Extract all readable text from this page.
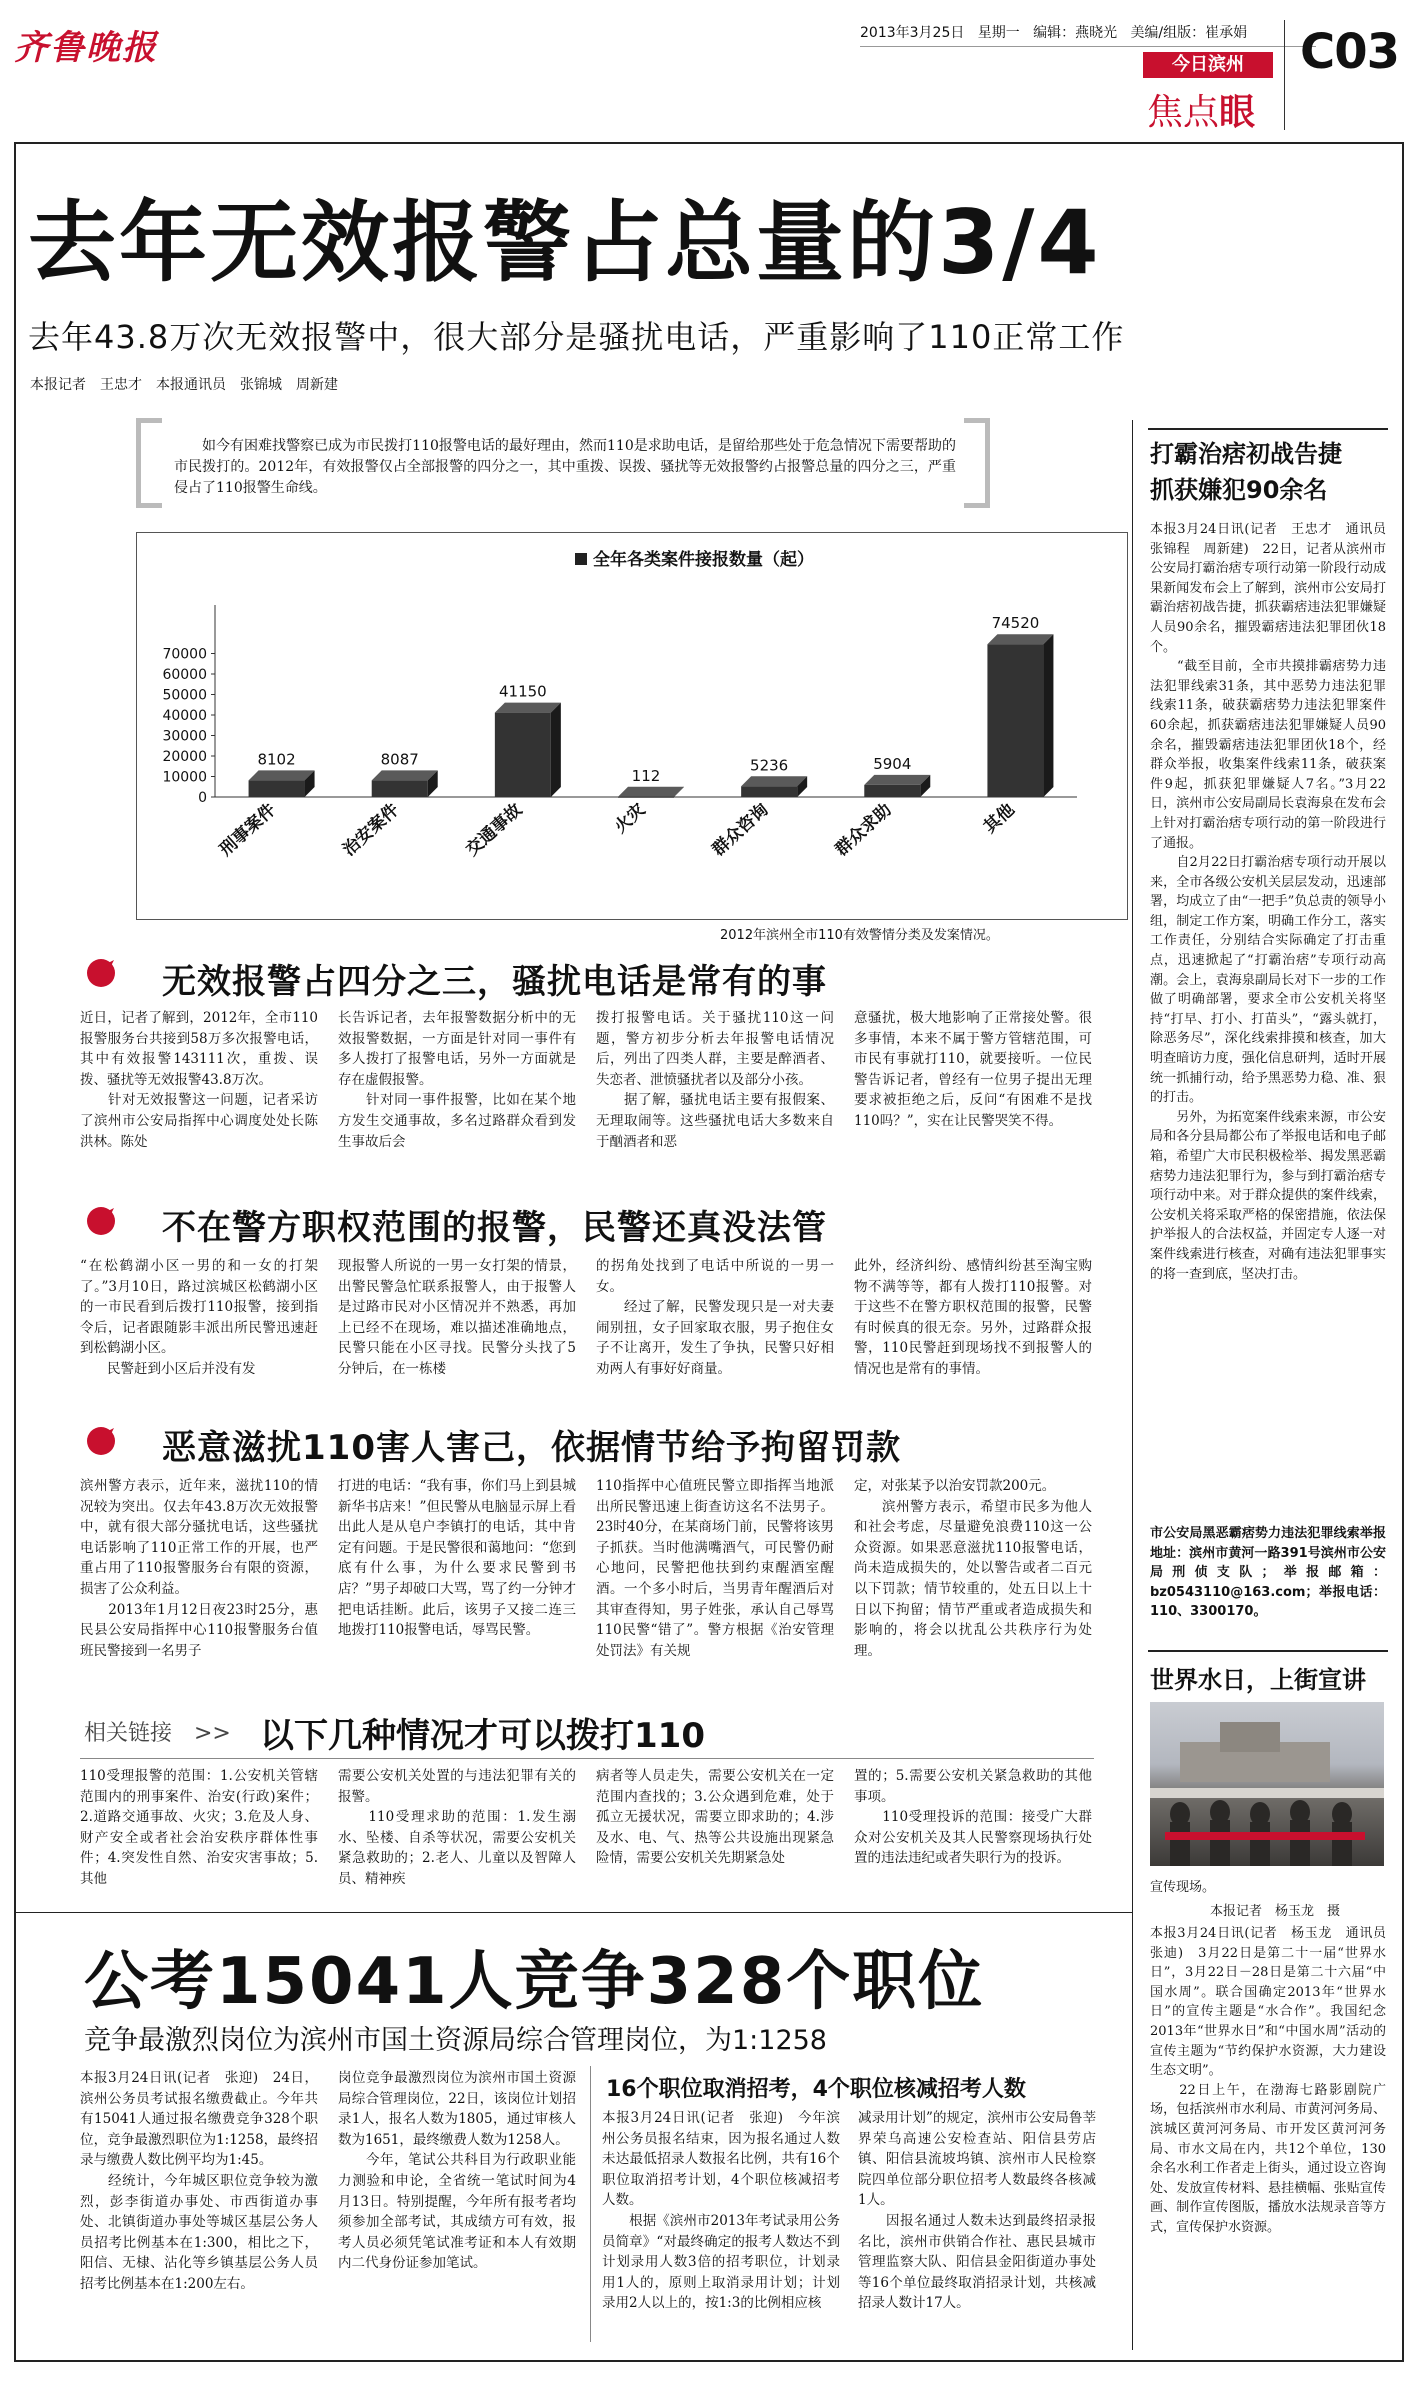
齐鲁晚报	2013年3月25日 星期一 编辑：燕晓光 美编/组版：崔承娟
今日滨州
焦点眼
C03
去年无效报警占总量的3/4
去年43.8万次无效报警中，很大部分是骚扰电话，严重影响了110正常工作
本报记者　王忠才　本报通讯员　张锦城　周新建
如今有困难找警察已成为市民拨打110报警电话的最好理由，然而110是求助电话，是留给那些处于危急情况下需要帮助的市民拨打的。2012年，有效报警仅占全部报警的四分之一，其中重拨、误拨、骚扰等无效报警约占报警总量的四分之三，严重侵占了110报警生命线。
0
10000
20000
30000
40000
50000
60000
70000
全年各类案件接报数量（起）
8102
刑事案件
8087
治安案件
41150
交通事故
112
火灾
5236
群众咨询
5904
群众求助
74520
其他
2012年滨州全市110有效警情分类及发案情况。
无效报警占四分之三，骚扰电话是常有的事
近日，记者了解到，2012年，全市110报警服务台共接到58万多次报警电话，其中有效报警143111次，重拨、误拨、骚扰等无效报警43.8万次。
　　针对无效报警这一问题，记者采访了滨州市公安局指挥中心调度处处长陈洪林。陈处
长告诉记者，去年报警数据分析中的无效报警数据，一方面是针对同一事件有多人拨打了报警电话，另外一方面就是存在虚假报警。
　　针对同一事件报警，比如在某个地方发生交通事故，多名过路群众看到发生事故后会
拨打报警电话。关于骚扰110这一问题，警方初步分析去年报警电话情况后，列出了四类人群，主要是醉酒者、失恋者、泄愤骚扰者以及部分小孩。
　　据了解，骚扰电话主要有报假案、无理取闹等。这些骚扰电话大多数来自于酗酒者和恶
意骚扰，极大地影响了正常接处警。很多事情，本来不属于警方管辖范围，可市民有事就打110，就要接听。一位民警告诉记者，曾经有一位男子提出无理要求被拒绝之后，反问“有困难不是找110吗？”，实在让民警哭笑不得。
不在警方职权范围的报警，民警还真没法管
“在松鹤湖小区一男的和一女的打架了。”3月10日，路过滨城区松鹤湖小区的一市民看到后拨打110报警，接到指令后，记者跟随影丰派出所民警迅速赶到松鹤湖小区。
　　民警赶到小区后并没有发
现报警人所说的一男一女打架的情景，出警民警急忙联系报警人，由于报警人是过路市民对小区情况并不熟悉，再加上已经不在现场，难以描述准确地点，民警只能在小区寻找。民警分头找了5分钟后，在一栋楼
的拐角处找到了电话中所说的一男一女。
　　经过了解，民警发现只是一对夫妻闹别扭，女子回家取衣服，男子抱住女子不让离开，发生了争执，民警只好相劝两人有事好好商量。
此外，经济纠纷、感情纠纷甚至淘宝购物不满等等，都有人拨打110报警。对于这些不在警方职权范围的报警，民警有时候真的很无奈。另外，过路群众报警，110民警赶到现场找不到报警人的情况也是常有的事情。
恶意滋扰110害人害己，依据情节给予拘留罚款
滨州警方表示，近年来，滋扰110的情况较为突出。仅去年43.8万次无效报警中，就有很大部分骚扰电话，这些骚扰电话影响了110正常工作的开展，也严重占用了110报警服务台有限的资源，损害了公众利益。
　　2013年1月12日夜23时25分，惠民县公安局指挥中心110报警服务台值班民警接到一名男子
打进的电话：“我有事，你们马上到县城新华书店来！”但民警从电脑显示屏上看出此人是从皂户李镇打的电话，其中肯定有问题。于是民警很和蔼地问：“您到底有什么事，为什么要求民警到书店？”男子却破口大骂，骂了约一分钟才把电话挂断。此后，该男子又接二连三地拨打110报警电话，辱骂民警。
110指挥中心值班民警立即指挥当地派出所民警迅速上街查访这名不法男子。23时40分，在某商场门前，民警将该男子抓获。当时他满嘴酒气，可民警仍耐心地问，民警把他扶到约束醒酒室醒酒。一个多小时后，当男青年醒酒后对其审查得知，男子姓张，承认自己辱骂110民警“错了”。警方根据《治安管理处罚法》有关规
定，对张某予以治安罚款200元。
　　滨州警方表示，希望市民多为他人和社会考虑，尽量避免浪费110这一公众资源。如果恶意滋扰110报警电话，尚未造成损失的，处以警告或者二百元以下罚款；情节较重的，处五日以上十日以下拘留；情节严重或者造成损失和影响的，将会以扰乱公共秩序行为处理。
相关链接　>> 以下几种情况才可以拨打110
110受理报警的范围：1.公安机关管辖范围内的刑事案件、治安(行政)案件；2.道路交通事故、火灾；3.危及人身、财产安全或者社会治安秩序群体性事件；4.突发性自然、治安灾害事故；5.其他
需要公安机关处置的与违法犯罪有关的报警。
　　110受理求助的范围：1.发生溺水、坠楼、自杀等状况，需要公安机关紧急救助的；2.老人、儿童以及智障人员、精神疾
病者等人员走失，需要公安机关在一定范围内查找的；3.公众遇到危难，处于孤立无援状况，需要立即求助的；4.涉及水、电、气、热等公共设施出现紧急险情，需要公安机关先期紧急处
置的；5.需要公安机关紧急救助的其他事项。
　　110受理投诉的范围：接受广大群众对公安机关及其人民警察现场执行处置的违法违纪或者失职行为的投诉。
公考15041人竞争328个职位
竞争最激烈岗位为滨州市国土资源局综合管理岗位，为1:1258
本报3月24日讯(记者　张迎)　24日，滨州公务员考试报名缴费截止。今年共有15041人通过报名缴费竞争328个职位，竞争最激烈职位为1:1258，最终招录与缴费人数比例平均为1:45。
　　经统计，今年城区职位竞争较为激烈，彭李街道办事处、市西街道办事处、北镇街道办事处等城区基层公务人员招考比例基本在1:300，相比之下，阳信、无棣、沾化等乡镇基层公务人员招考比例基本在1:200左右。
岗位竞争最激烈岗位为滨州市国土资源局综合管理岗位，22日，该岗位计划招录1人，报名人数为1805，通过审核人数为1651，最终缴费人数为1258人。
　　今年，笔试公共科目为行政职业能力测验和申论，全省统一笔试时间为4月13日。特别提醒，今年所有报考者均须参加全部考试，其成绩方可有效，报考人员必须凭笔试准考证和本人有效期内二代身份证参加笔试。
16个职位取消招考，4个职位核减招考人数
本报3月24日讯(记者　张迎)　今年滨州公务员报名结束，因为报名通过人数未达最低招录人数报名比例，共有16个职位取消招考计划，4个职位核减招考人数。
　　根据《滨州市2013年考试录用公务员简章》“对最终确定的报考人数达不到计划录用人数3倍的招考职位，计划录用1人的，原则上取消录用计划；计划录用2人以上的，按1:3的比例相应核
减录用计划”的规定，滨州市公安局鲁莘界荣乌高速公安检查站、阳信县劳店镇、阳信县流坡坞镇、滨州市人民检察院四单位部分职位招考人数最终各核减1人。
　　因报名通过人数未达到最终招录报名比，滨州市供销合作社、惠民县城市管理监察大队、阳信县金阳街道办事处等16个单位最终取消招录计划，共核减招录人数计17人。
打霸治痞初战告捷
抓获嫌犯90余名
本报3月24日讯(记者　王忠才　通讯员　张锦程　周新建)　22日，记者从滨州市公安局打霸治痞专项行动第一阶段行动成果新闻发布会上了解到，滨州市公安局打霸治痞初战告捷，抓获霸痞违法犯罪嫌疑人员90余名，摧毁霸痞违法犯罪团伙18个。
　　“截至目前，全市共摸排霸痞势力违法犯罪线索31条，其中恶势力违法犯罪线索11条，破获霸痞势力违法犯罪案件60余起，抓获霸痞违法犯罪嫌疑人员90余名，摧毁霸痞违法犯罪团伙18个，经群众举报，收集案件线索11条，破获案件9起，抓获犯罪嫌疑人7名。”3月22日，滨州市公安局副局长袁海泉在发布会上针对打霸治痞专项行动的第一阶段进行了通报。
　　自2月22日打霸治痞专项行动开展以来，全市各级公安机关层层发动，迅速部署，均成立了由“一把手”负总责的领导小组，制定工作方案，明确工作分工，落实工作责任，分别结合实际确定了打击重点，迅速掀起了“打霸治痞”专项行动高潮。会上，袁海泉副局长对下一步的工作做了明确部署，要求全市公安机关将坚持“打早、打小、打苗头”，“露头就打，除恶务尽”，深化线索排摸和核查，加大明查暗访力度，强化信息研判，适时开展统一抓捕行动，给予黑恶势力稳、准、狠的打击。
　　另外，为拓宽案件线索来源，市公安局和各分县局都公布了举报电话和电子邮箱，希望广大市民积极检举、揭发黑恶霸痞势力违法犯罪行为，参与到打霸治痞专项行动中来。对于群众提供的案件线索，公安机关将采取严格的保密措施，依法保护举报人的合法权益，并固定专人逐一对案件线索进行核查，对确有违法犯罪事实的将一查到底，坚决打击。
市公安局黑恶霸痞势力违法犯罪线索举报地址：滨州市黄河一路391号滨州市公安局刑侦支队；举报邮箱：bz0543110@163.com；举报电话：110、3300170。
世界水日，上街宣讲
宣传现场。
本报记者　杨玉龙　摄
本报3月24日讯(记者　杨玉龙　通讯员　张迪)　3月22日是第二十一届“世界水日”，3月22日－28日是第二十六届“中国水周”。联合国确定2013年“世界水日”的宣传主题是“水合作”。我国纪念2013年“世界水日”和“中国水周”活动的宣传主题为“节约保护水资源，大力建设生态文明”。
　　22日上午，在渤海七路影剧院广场，包括滨州市水利局、市黄河河务局、滨城区黄河河务局、市开发区黄河河务局、市水文局在内，共12个单位，130余名水利工作者走上街头，通过设立咨询处、发放宣传材料、悬挂横幅、张贴宣传画、制作宣传图版，播放水法规录音等方式，宣传保护水资源。
